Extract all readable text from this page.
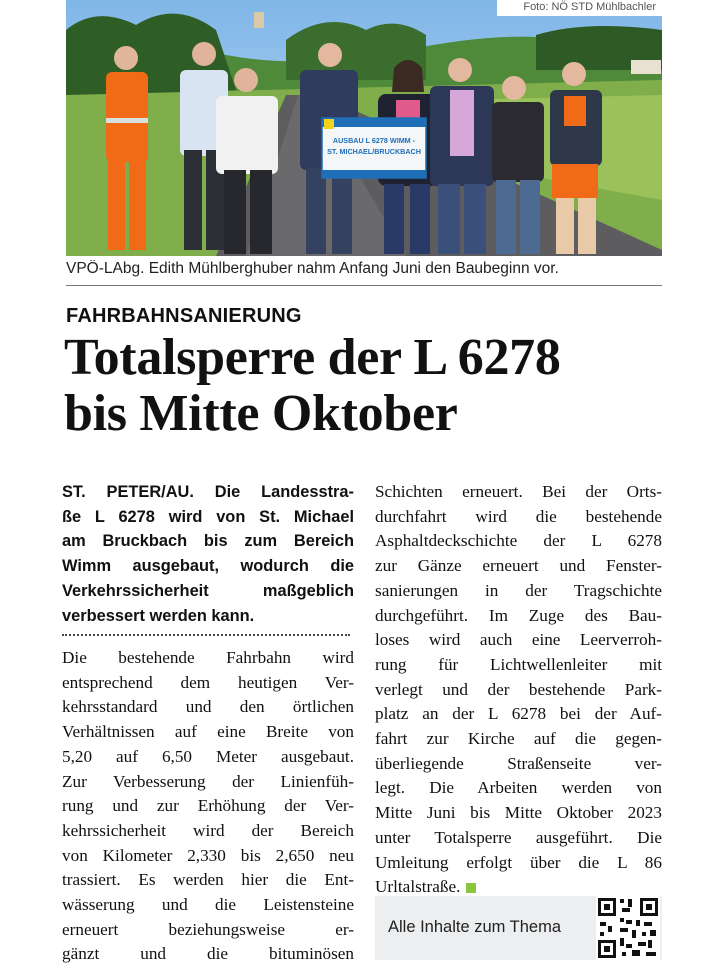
AUSBAU L 6278 WIMM -
ST. MICHAEL/BRUCKBACH
Foto: NÖ STD Mühlbachler
VPÖ-LAbg. Edith Mühlberghuber nahm Anfang Juni den Baubeginn vor.
FAHRBAHNSANIERUNG
Totalsperre der L 6278
bis Mitte Oktober
ST. PETER/AU. Die Landesstra-
ße L 6278 wird von St. Michael
am Bruckbach bis zum Bereich
Wimm ausgebaut, wodurch die
Verkehrssicherheit maßgeblich
verbessert werden kann.
Die bestehende Fahrbahn wird
entsprechend dem heutigen Ver-
kehrsstandard und den örtlichen
Verhältnissen auf eine Breite von
5,20 auf 6,50 Meter ausgebaut.
Zur Verbesserung der Linienfüh-
rung und zur Erhöhung der Ver-
kehrssicherheit wird der Bereich
von Kilometer 2,330 bis 2,650 neu
trassiert. Es werden hier die Ent-
wässerung und die Leistensteine
erneuert beziehungsweise er-
gänzt und die bituminösen
Schichten erneuert. Bei der Orts-
durchfahrt wird die bestehende
Asphaltdeckschichte der L 6278
zur Gänze erneuert und Fenster-
sanierungen in der Tragschichte
durchgeführt. Im Zuge des Bau-
loses wird auch eine Leerverroh-
rung für Lichtwellenleiter mit
verlegt und der bestehende Park-
platz an der L 6278 bei der Auf-
fahrt zur Kirche auf die gegen-
überliegende Straßenseite ver-
legt. Die Arbeiten werden von
Mitte Juni bis Mitte Oktober 2023
unter Totalsperre ausgeführt. Die
Umleitung erfolgt über die L 86
Urltalstraße.
Alle Inhalte zum Thema
